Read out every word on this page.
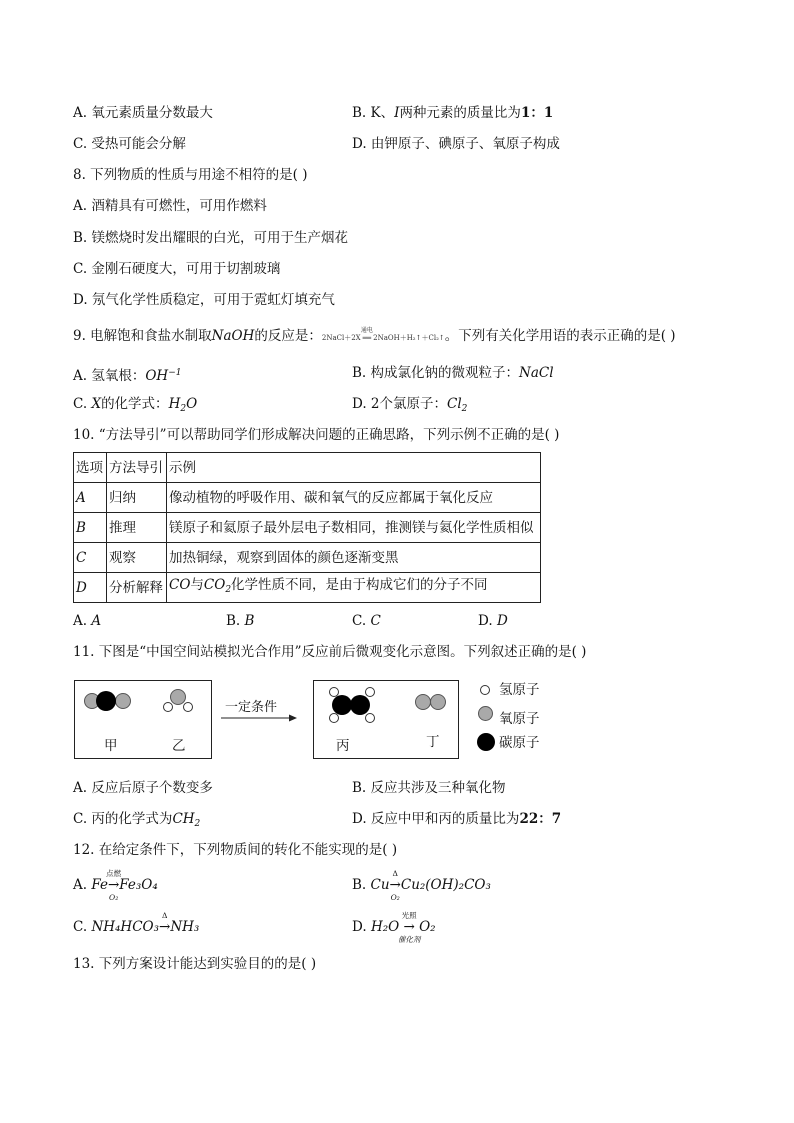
A. 氧元素质量分数最大	B. K、I两种元素的质量比为1：1
C. 受热可能会分解	D. 由钾原子、碘原子、氧原子构成
8. 下列物质的性质与用途不相符的是( )
A. 酒精具有可燃性，可用作燃料
B. 镁燃烧时发出耀眼的白光，可用于生产烟花
C. 金刚石硬度大，可用于切割玻璃
D. 氖气化学性质稳定，可用于霓虹灯填充气
9. 电解饱和食盐水制取NaOH的反应是：2NaCl＋2X
通电
══ 2NaOH＋H₂↑＋Cl₂↑。下列有关化学用语的表示正确的是( )
A. 氢氧根：$OH^{-1}$	B. 构成氯化钠的微观粒子：NaCl
C. X的化学式：$H_2O$	D. 2个氯原子：$Cl_2$
10. “方法导引”可以帮助同学们形成解决问题的正确思路，下列示例不正确的是( )
选项	方法导引	示例
A	归纳	像动植物的呼吸作用、碳和氧气的反应都属于氧化反应
B	推理	镁原子和氦原子最外层电子数相同，推测镁与氦化学性质相似
C	观察	加热铜绿，观察到固体的颜色逐渐变黑
D	分析解释	CO与$CO_2$化学性质不同，是由于构成它们的分子不同
A. A	B. B	C. C	D. D
11. 下图是“中国空间站模拟光合作用”反应前后微观变化示意图。下列叙述正确的是( )
甲	乙
一定条件
丙	丁
氢原子
氧原子
碳原子
A. 反应后原子个数变多	B. 反应共涉及三种氧化物
C. 丙的化学式为$CH_2$	D. 反应中甲和丙的质量比为22：7
12. 在给定条件下，下列物质间的转化不能实现的是( )
A. Fe
点燃
O₂
→Fe₃O₄	B. Cu
Δ
O₂
→Cu₂(OH)₂CO₃
C. NH₄HCO₃
Δ
→NH₃	D. H₂O
光照
催化剂
→ O₂
13. 下列方案设计能达到实验目的的是( )
